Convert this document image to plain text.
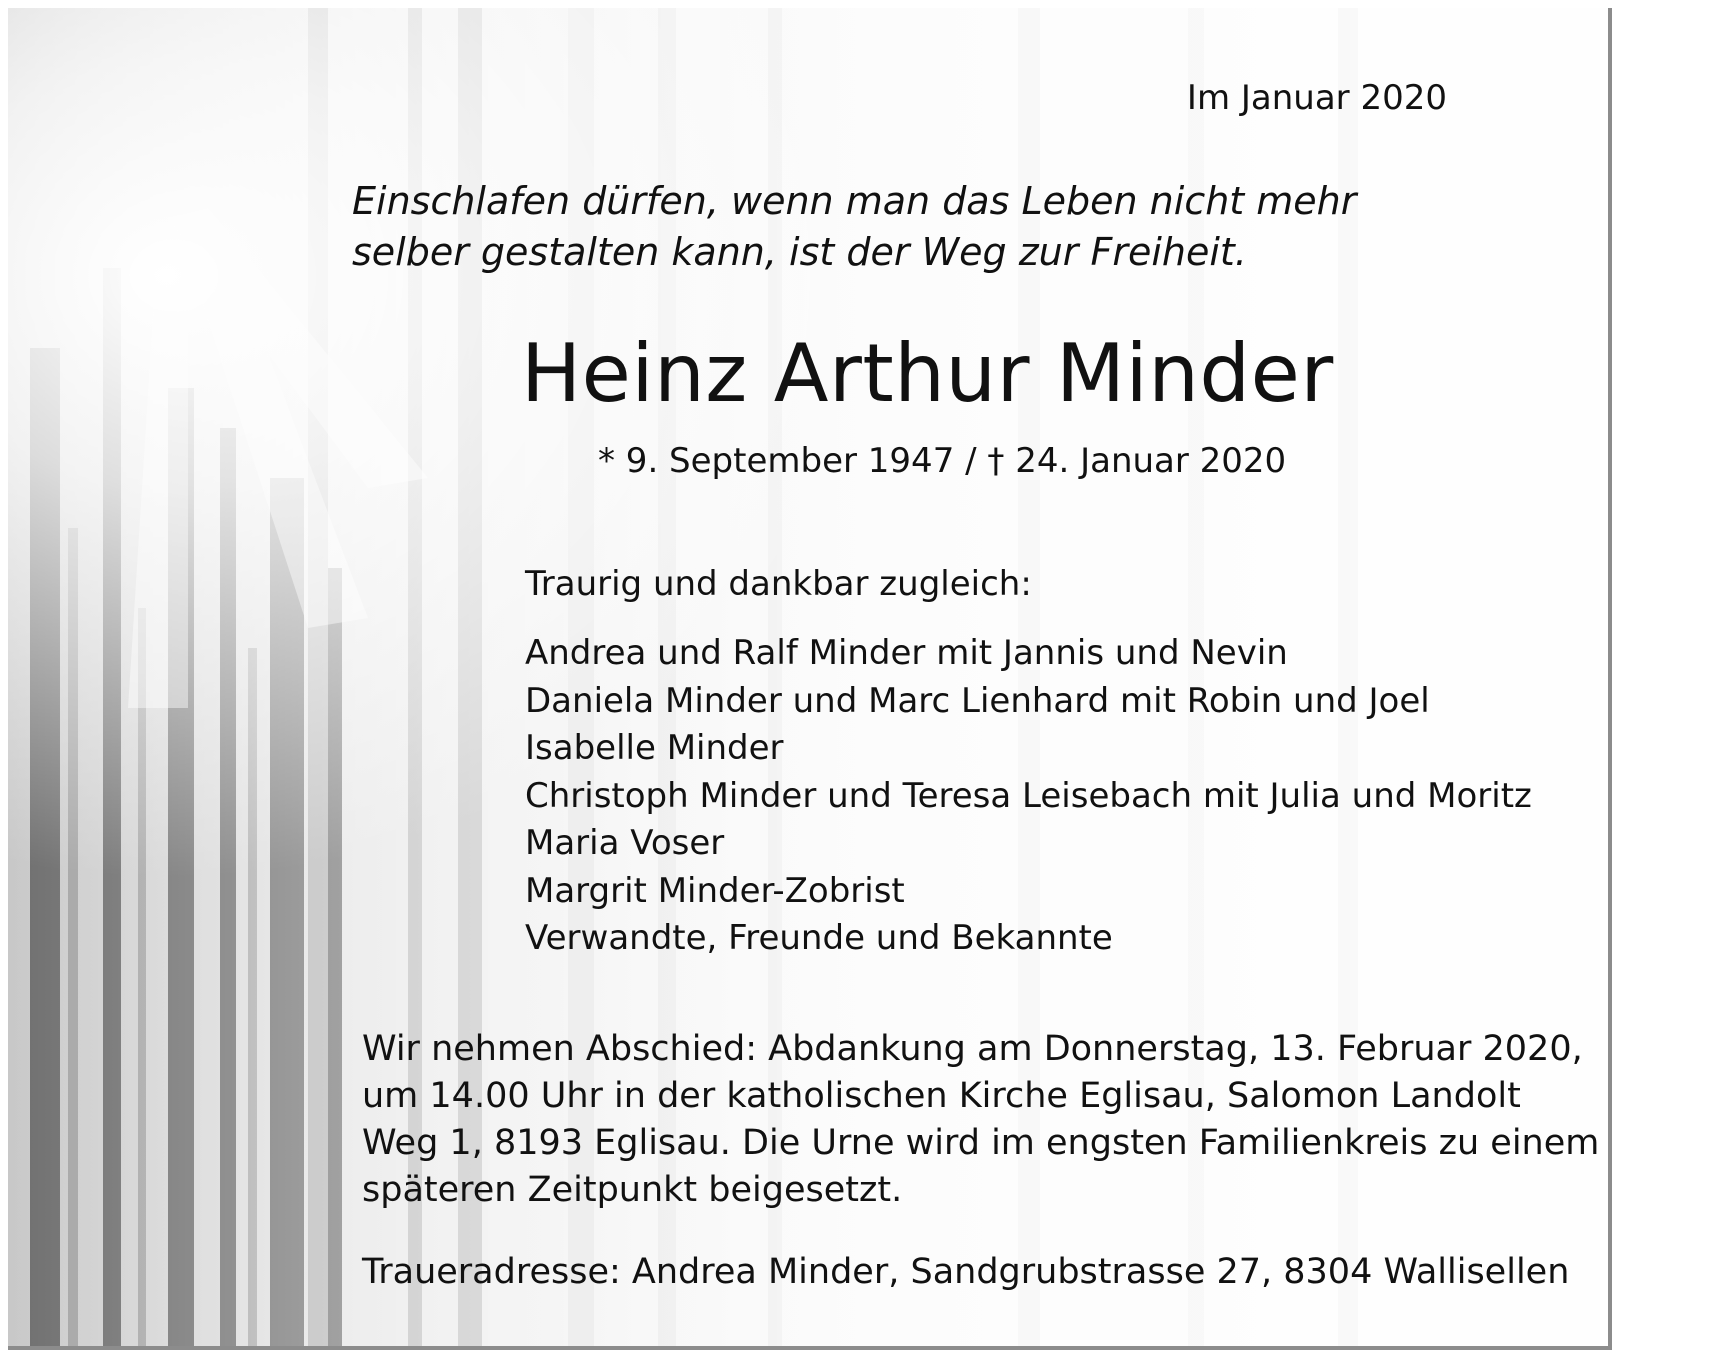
Im Januar 2020

Einschlafen dürfen, wenn man das Leben nicht mehr
selber gestalten kann, ist der Weg zur Freiheit.

Heinz Arthur Minder

* 9. September 1947 / † 24. Januar 2020

Traurig und dankbar zugleich:

Andrea und Ralf Minder mit Jannis und Nevin
Daniela Minder und Marc Lienhard mit Robin und Joel
Isabelle Minder
Christoph Minder und Teresa Leisebach mit Julia und Moritz
Maria Voser
Margrit Minder-Zobrist
Verwandte, Freunde und Bekannte

Wir nehmen Abschied: Abdankung am Donnerstag, 13. Februar 2020,
um 14.00 Uhr in der katholischen Kirche Eglisau, Salomon Landolt
Weg 1, 8193 Eglisau. Die Urne wird im engsten Familienkreis zu einem
späteren Zeitpunkt beigesetzt.

Traueradresse: Andrea Minder, Sandgrubstrasse 27, 8304 Wallisellen
